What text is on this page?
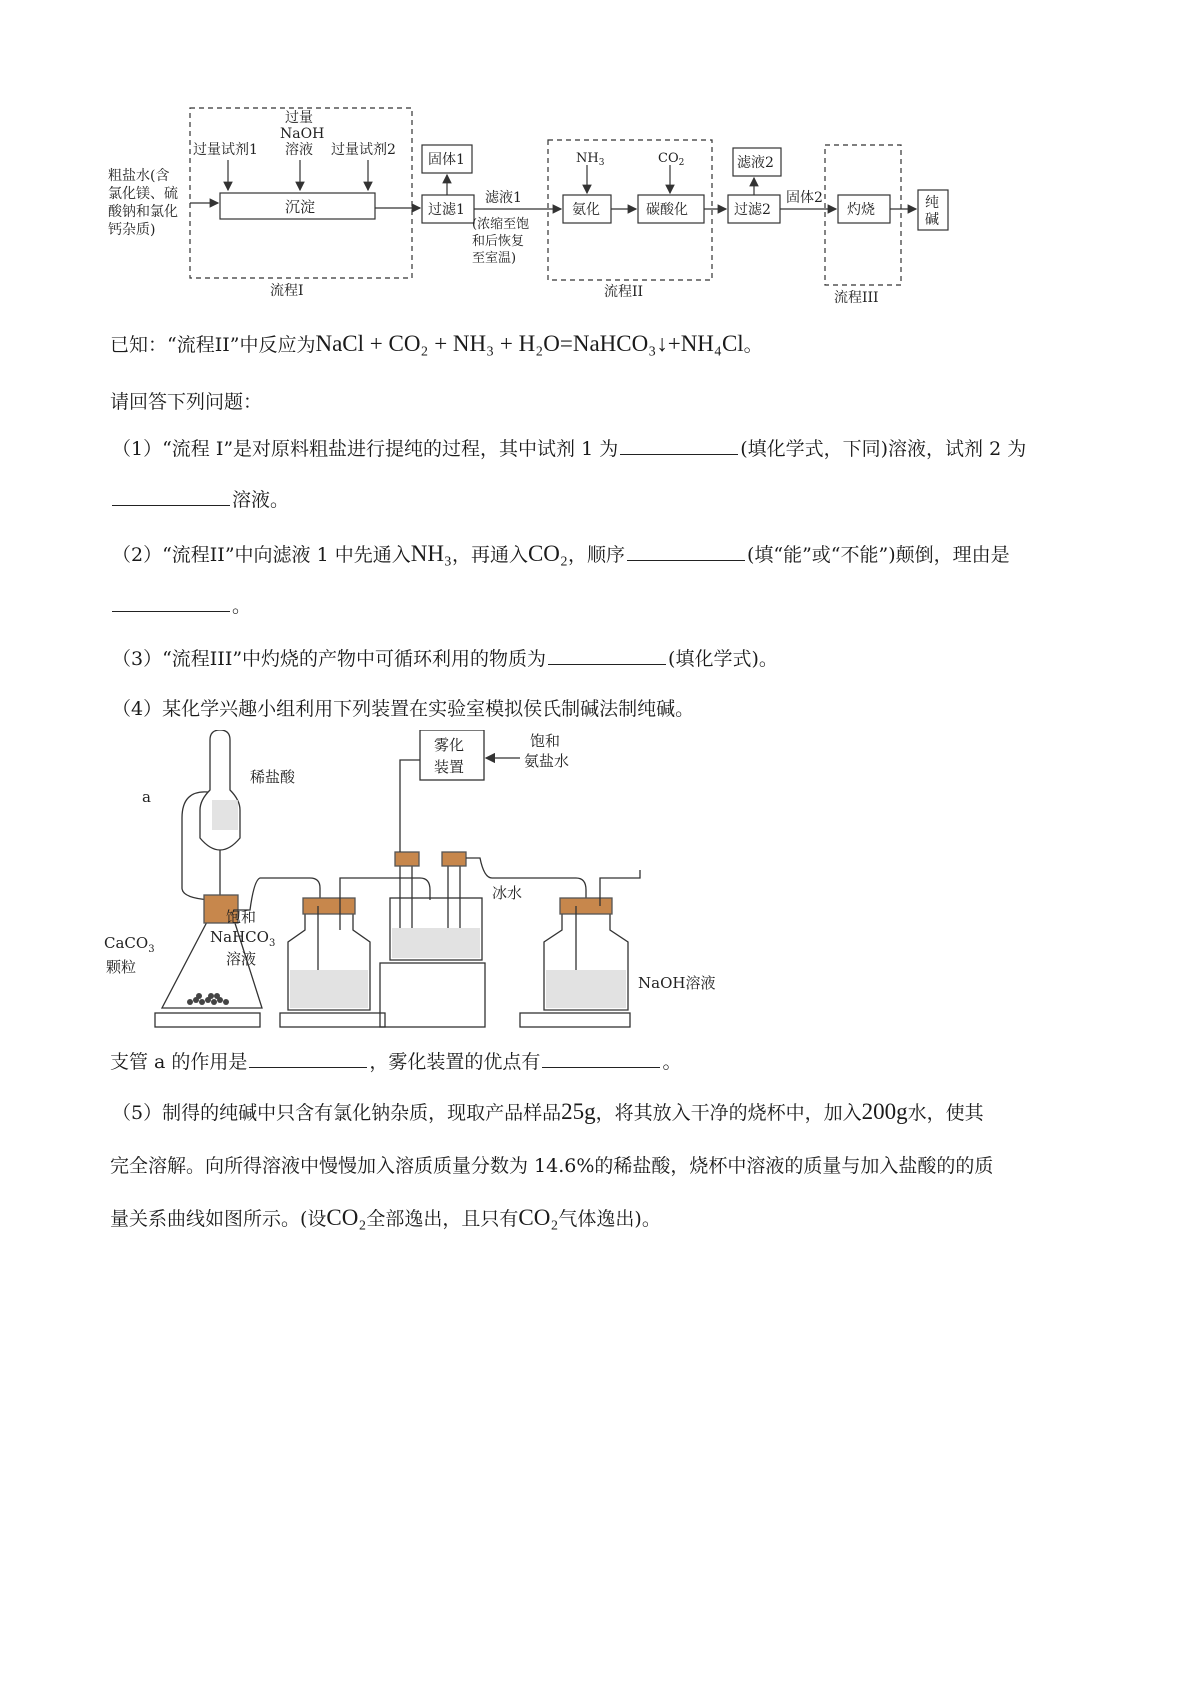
粗盐水(含
氯化镁、硫
酸钠和氯化
钙杂质)
过量试剂1
过量
NaOH
溶液 过量试剂2
沉淀
流程I
固体1
过滤1
滤液1
(浓缩至饱
和后恢复
至室温)
$NH_3$	$CO_2$
氨化	碳酸化
流程II
滤液2
过滤2
固体2
灼烧
流程III
纯
碱
已知：“流程II”中反应为NaCl + CO₂ + NH₃ + H₂O=NaHCO₃↓+NH₄Cl。
请回答下列问题：
（1）“流程 I”是对原料粗盐进行提纯的过程，其中试剂 1 为	(填化学式，下同)溶液，试剂 2 为
溶液。
（2）“流程II”中向滤液 1 中先通入NH₃，再通入CO₂，顺序	(填“能”或“不能”)颠倒，理由是
。
（3）“流程III”中灼烧的产物中可循环利用的物质为	(填化学式)。
（4）某化学兴趣小组利用下列装置在实验室模拟侯氏制碱法制纯碱。
a
稀盐酸
CaCO$_3$
颗粒
饱和
NaHCO$_3$
溶液
雾化
装置
饱和
氨盐水
冰水
NaOH溶液
支管 a 的作用是	，雾化装置的优点有	。
（5）制得的纯碱中只含有氯化钠杂质，现取产品样品25g，将其放入干净的烧杯中，加入200g水，使其
完全溶解。向所得溶液中慢慢加入溶质质量分数为 14.6%的稀盐酸，烧杯中溶液的质量与加入盐酸的的质
量关系曲线如图所示。(设CO₂全部逸出，且只有CO₂气体逸出)。
